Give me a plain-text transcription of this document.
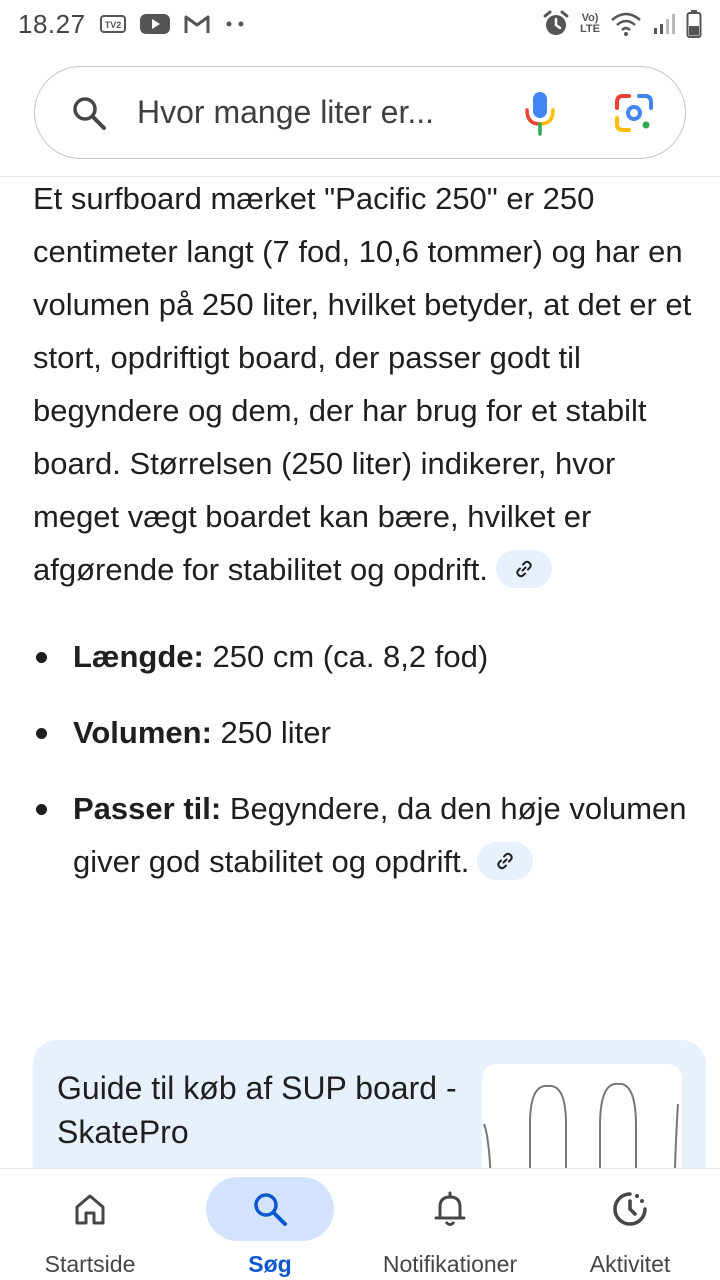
18.27 TV2
Vo)
LTE
Hvor mange liter er...

Et surfboard mærket "Pacific 250" er 250 centimeter langt (7 fod, 10,6 tommer) og har en volumen på 250 liter, hvilket betyder, at det er et stort, opdriftigt board, der passer godt til begyndere og dem, der har brug for et stabilt board. Størrelsen (250 liter) indikerer, hvor meget vægt boardet kan bære, hvilket er afgørende for stabilitet og opdrift.

Længde: 250 cm (ca. 8,2 fod)
Volumen: 250 liter
Passer til: Begyndere, da den høje volumen giver god stabilitet og opdrift.
Guide til køb af SUP board - SkatePro
Startside	Søg	Notifikationer	Aktivitet
